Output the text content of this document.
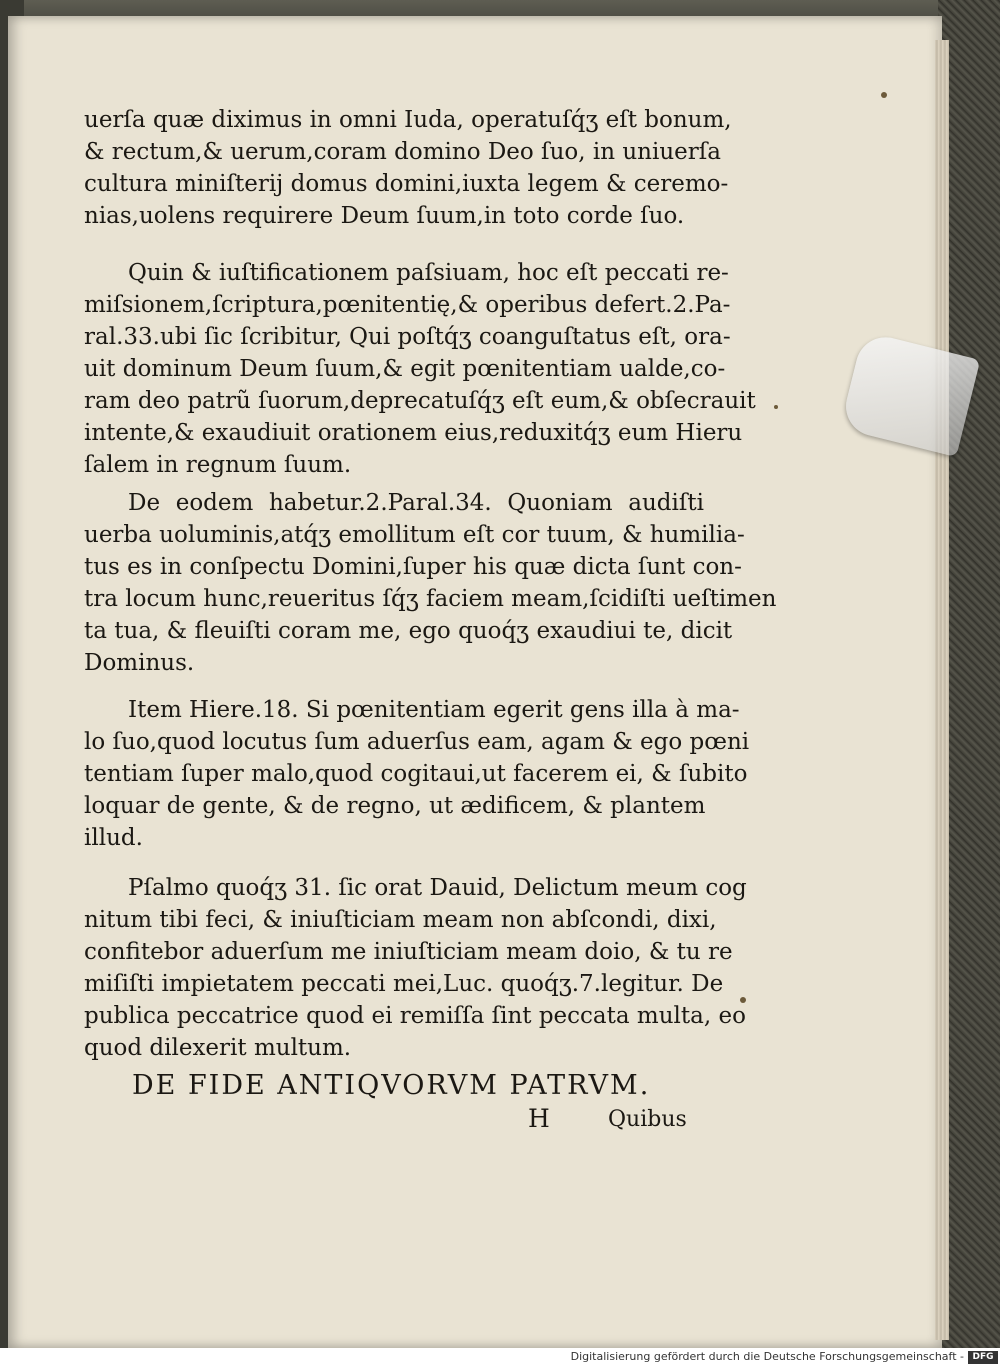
uerſa quæ diximus in omni Iuda, operatuſq́ʒ eſt bonum,
& rectum,& uerum,coram domino Deo ſuo, in uniuerſa
cultura miniſterij domus domini,iuxta legem & ceremo-
nias,uolens requirere Deum ſuum,in toto corde ſuo.
Quin & iuſtificationem paſsiuam, hoc eſt peccati re-
miſsionem,ſcriptura,pœnitentię,& operibus defert.2.Pa-
ral.33.ubi ſic ſcribitur, Qui poſtq́ʒ coanguſtatus eſt, ora-
uit dominum Deum ſuum,& egit pœnitentiam ualde,co-
ram deo patrũ ſuorum,deprecatuſq́ʒ eſt eum,& obſecrauit
intente,& exaudiuit orationem eius,reduxitq́ʒ eum Hieru
ſalem in regnum ſuum.
De eodem habetur.2.Paral.34. Quoniam audiſti
uerba uoluminis,atq́ʒ emollitum eſt cor tuum, & humilia-
tus es in conſpectu Domini,ſuper his quæ dicta ſunt con-
tra locum hunc,reueritus ſq́ʒ faciem meam,ſcidiſti ueſtimen
ta tua, & fleuiſti coram me, ego quoq́ʒ exaudiui te, dicit
Dominus.
Item Hiere.18. Si pœnitentiam egerit gens illa à ma-
lo ſuo,quod locutus ſum aduerſus eam, agam & ego pœni
tentiam ſuper malo,quod cogitaui,ut facerem ei, & ſubito
loquar de gente, & de regno, ut ædificem, & plantem
illud.
Pſalmo quoq́ʒ 31. ſic orat Dauid, Delictum meum cog
nitum tibi feci, & iniuſticiam meam non abſcondi, dixi,
confitebor aduerſum me iniuſticiam meam doio, & tu re
miſiſti impietatem peccati mei,Luc. quoq́ʒ.7.legitur. De
publica peccatrice quod ei remiſſa ſint peccata multa, eo
quod dilexerit multum.
DE FIDE ANTIQVORVM PATRVM.
H	Quibus
Digitalisierung gefördert durch die Deutsche Forschungsgemeinschaft - DFG
